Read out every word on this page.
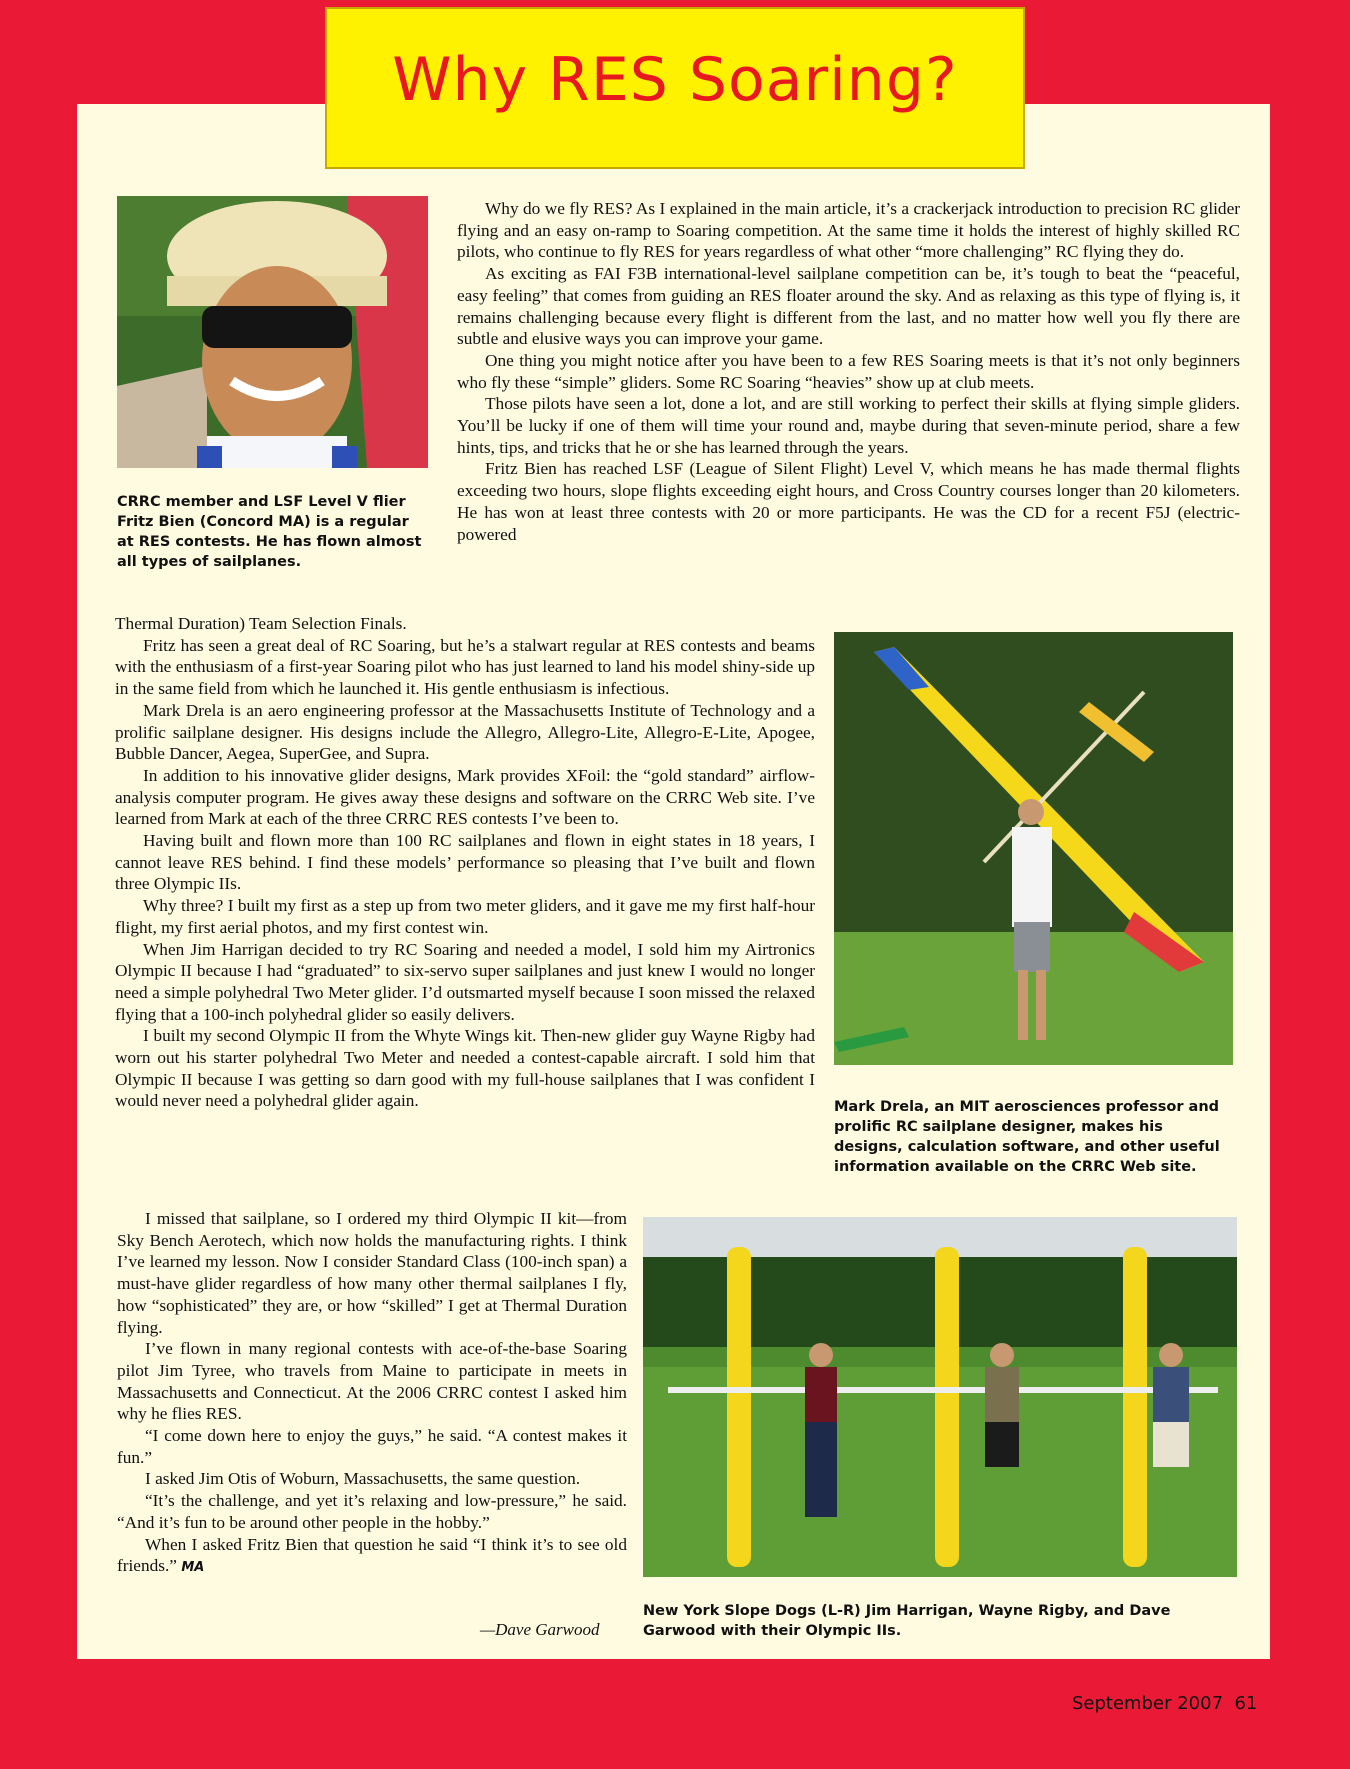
Why RES Soaring?
CRRC member and LSF Level V flier Fritz Bien (Concord MA) is a regular at RES contests. He has flown almost all types of sailplanes.
Mark Drela, an MIT aerosciences professor and prolific RC sailplane designer, makes his designs, calculation software, and other useful information available on the CRRC Web site.
New York Slope Dogs (L-R) Jim Harrigan, Wayne Rigby, and Dave Garwood with their Olympic IIs.

Why do we fly RES? As I explained in the main article, it’s a crackerjack introduction to precision RC glider flying and an easy on-ramp to Soaring competition. At the same time it holds the interest of highly skilled RC pilots, who continue to fly RES for years regardless of what other “more challenging” RC flying they do.

As exciting as FAI F3B international-level sailplane competition can be, it’s tough to beat the “peaceful, easy feeling” that comes from guiding an RES floater around the sky. And as relaxing as this type of flying is, it remains challenging because every flight is different from the last, and no matter how well you fly there are subtle and elusive ways you can improve your game.

One thing you might notice after you have been to a few RES Soaring meets is that it’s not only beginners who fly these “simple” gliders. Some RC Soaring “heavies” show up at club meets.

Those pilots have seen a lot, done a lot, and are still working to perfect their skills at flying simple gliders. You’ll be lucky if one of them will time your round and, maybe during that seven-minute period, share a few hints, tips, and tricks that he or she has learned through the years.

Fritz Bien has reached LSF (League of Silent Flight) Level V, which means he has made thermal flights exceeding two hours, slope flights exceeding eight hours, and Cross Country courses longer than 20 kilometers. He has won at least three contests with 20 or more participants. He was the CD for a recent F5J (electric-powered

Thermal Duration) Team Selection Finals.

Fritz has seen a great deal of RC Soaring, but he’s a stalwart regular at RES contests and beams with the enthusiasm of a first-year Soaring pilot who has just learned to land his model shiny-side up in the same field from which he launched it. His gentle enthusiasm is infectious.

Mark Drela is an aero engineering professor at the Massachusetts Institute of Technology and a prolific sailplane designer. His designs include the Allegro, Allegro-Lite, Allegro-E-Lite, Apogee, Bubble Dancer, Aegea, SuperGee, and Supra.

In addition to his innovative glider designs, Mark provides XFoil: the “gold standard” airflow-analysis computer program. He gives away these designs and software on the CRRC Web site. I’ve learned from Mark at each of the three CRRC RES contests I’ve been to.

Having built and flown more than 100 RC sailplanes and flown in eight states in 18 years, I cannot leave RES behind. I find these models’ performance so pleasing that I’ve built and flown three Olympic IIs.

Why three? I built my first as a step up from two meter gliders, and it gave me my first half-hour flight, my first aerial photos, and my first contest win.

When Jim Harrigan decided to try RC Soaring and needed a model, I sold him my Airtronics Olympic II because I had “graduated” to six-servo super sailplanes and just knew I would no longer need a simple polyhedral Two Meter glider. I’d outsmarted myself because I soon missed the relaxed flying that a 100-inch polyhedral glider so easily delivers.

I built my second Olympic II from the Whyte Wings kit. Then-new glider guy Wayne Rigby had worn out his starter polyhedral Two Meter and needed a contest-capable aircraft. I sold him that Olympic II because I was getting so darn good with my full-house sailplanes that I was confident I would never need a polyhedral glider again.

I missed that sailplane, so I ordered my third Olympic II kit—from Sky Bench Aerotech, which now holds the manufacturing rights. I think I’ve learned my lesson. Now I consider Standard Class (100-inch span) a must-have glider regardless of how many other thermal sailplanes I fly, how “sophisticated” they are, or how “skilled” I get at Thermal Duration flying.

I’ve flown in many regional contests with ace-of-the-base Soaring pilot Jim Tyree, who travels from Maine to participate in meets in Massachusetts and Connecticut. At the 2006 CRRC contest I asked him why he flies RES.

“I come down here to enjoy the guys,” he said. “A contest makes it fun.”

I asked Jim Otis of Woburn, Massachusetts, the same question.

“It’s the challenge, and yet it’s relaxing and low-pressure,” he said. “And it’s fun to be around other people in the hobby.”

When I asked Fritz Bien that question he said “I think it’s to see old friends.” MA

—Dave Garwood
September 2007 61
